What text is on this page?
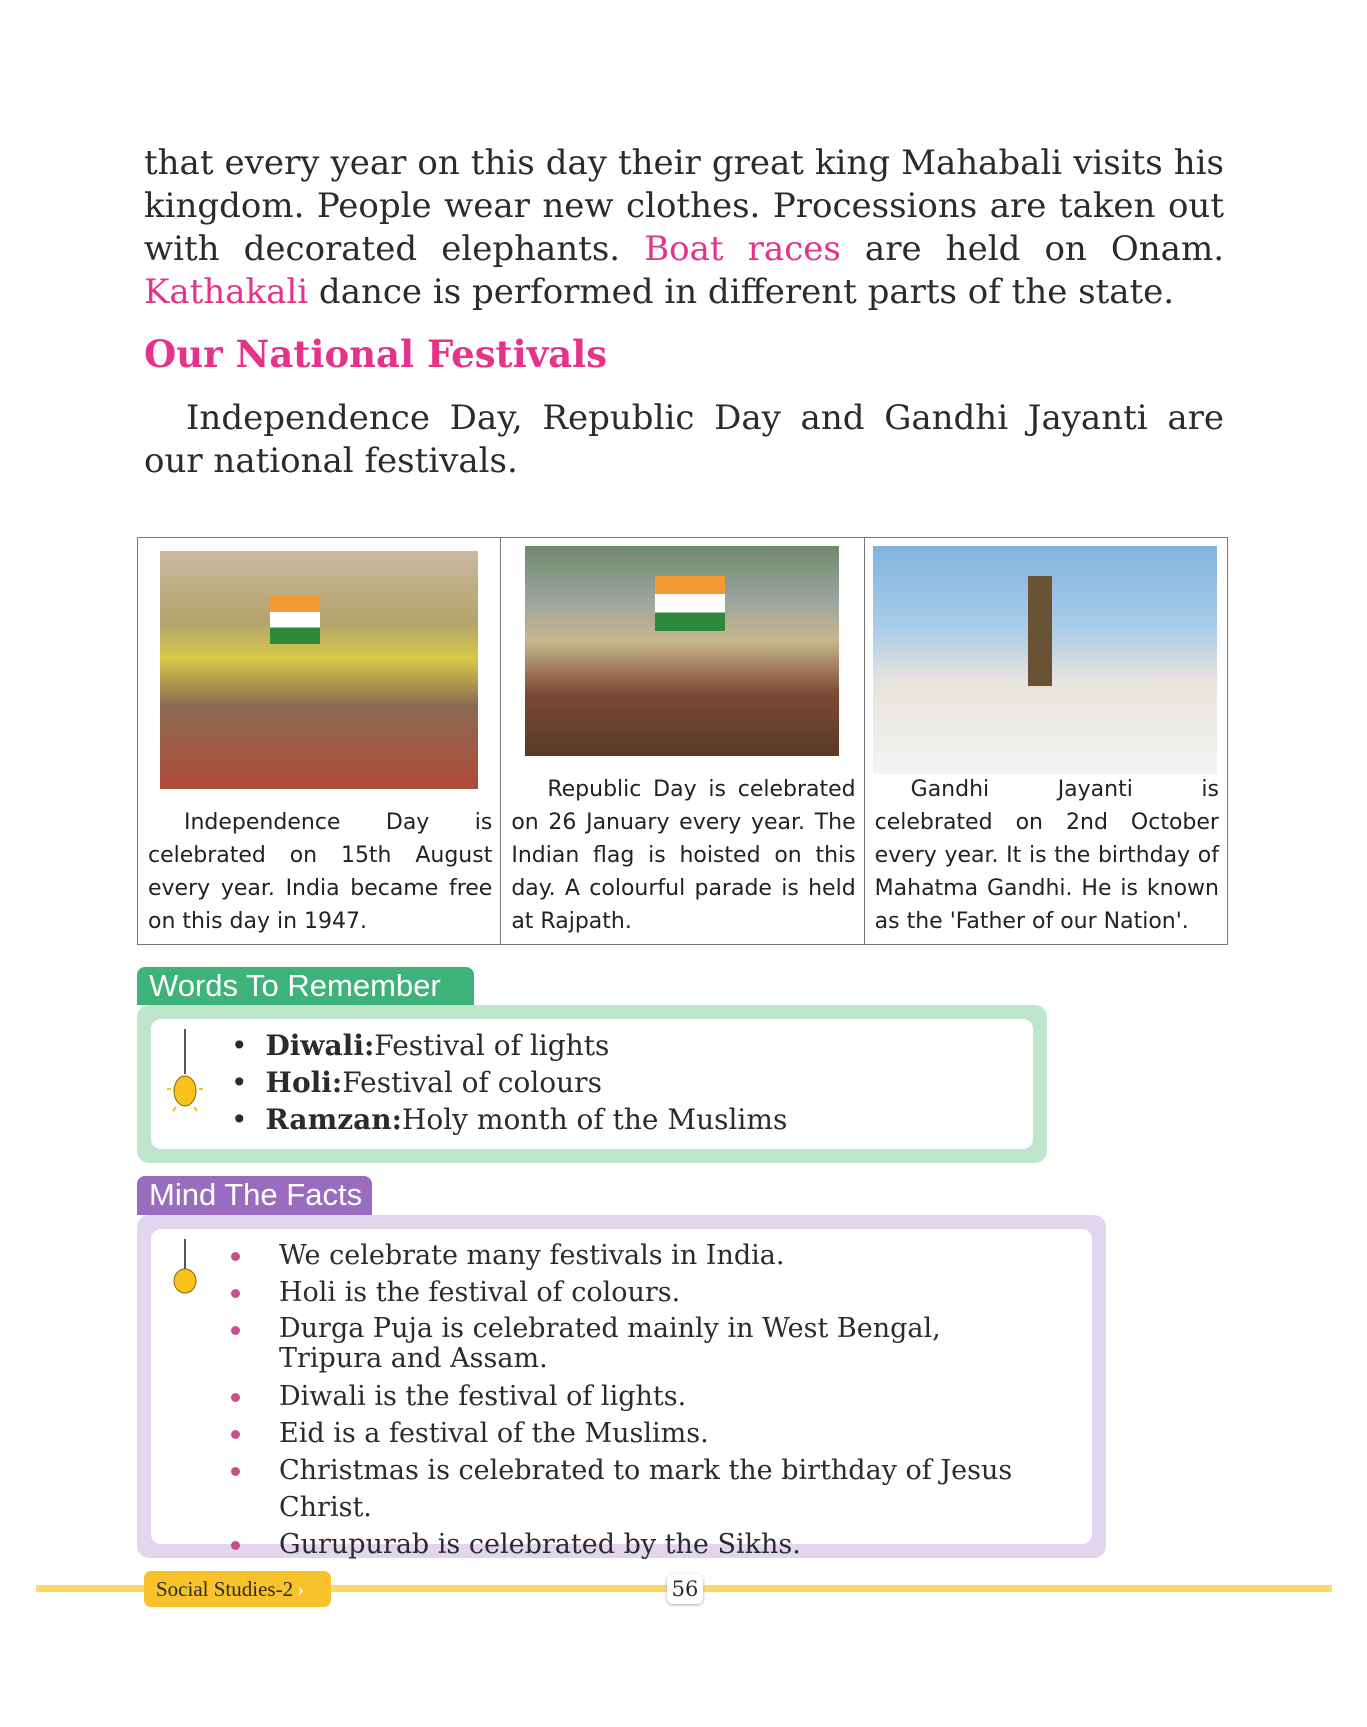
that every year on this day their great king Mahabali visits his kingdom. People wear new clothes. Processions are taken out with decorated elephants. Boat races are held on Onam. Kathakali dance is performed in different parts of the state.
Our National Festivals
Independence Day, Republic Day and Gandhi Jayanti are our national festivals.
Independence Day is celebrated on 15th August every year. India became free on this day in 1947.
Republic Day is celebrated on 26 January every year. The Indian flag is hoisted on this day. A colourful parade is held at Rajpath.
Gandhi Jayanti is celebrated on 2nd October every year. It is the birthday of Mahatma Gandhi. He is known as the 'Father of our Nation'.
Words To Remember
• Diwali:Festival of lights
• Holi:Festival of colours
• Ramzan:Holy month of the Muslims
Mind The Facts
We celebrate many festivals in India.
Holi is the festival of colours.
Durga Puja is celebrated mainly in West Bengal, Tripura and Assam.
Diwali is the festival of lights.
Eid is a festival of the Muslims.
Christmas is celebrated to mark the birthday of Jesus Christ.
Gurupurab is celebrated by the Sikhs.
Social Studies-2 ›	56
